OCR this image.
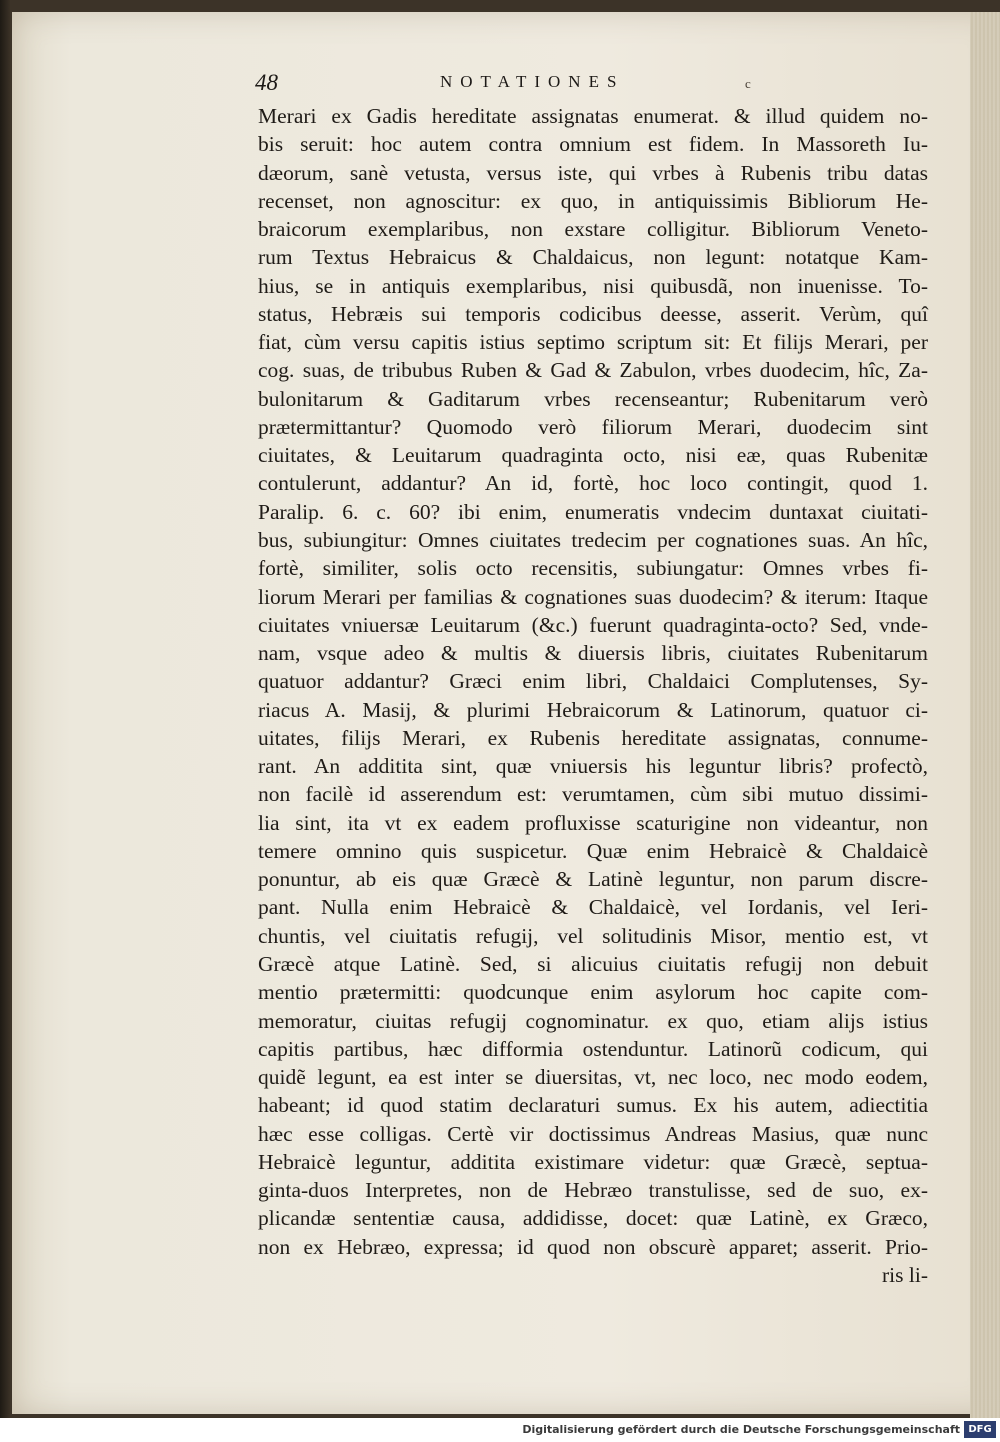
48	NOTATIONES	c
Merari ex Gadis hereditate assignatas enumerat. & illud quidem no-
bis seruit: hoc autem contra omnium est fidem. In Massoreth Iu-
dæorum, sanè vetusta, versus iste, qui vrbes à Rubenis tribu datas
recenset, non agnoscitur: ex quo, in antiquissimis Bibliorum He-
braicorum exemplaribus, non exstare colligitur. Bibliorum Veneto-
rum Textus Hebraicus & Chaldaicus, non legunt: notatque Kam-
hius, se in antiquis exemplaribus, nisi quibusdã, non inuenisse. To-
status, Hebræis sui temporis codicibus deesse, asserit. Verùm, quî
fiat, cùm versu capitis istius septimo scriptum sit: Et filijs Merari, per
cog. suas, de tribubus Ruben & Gad & Zabulon, vrbes duodecim, hîc, Za-
bulonitarum & Gaditarum vrbes recenseantur; Rubenitarum verò
prætermittantur? Quomodo verò filiorum Merari, duodecim sint
ciuitates, & Leuitarum quadraginta octo, nisi eæ, quas Rubenitæ
contulerunt, addantur? An id, fortè, hoc loco contingit, quod 1.
Paralip. 6. c. 60? ibi enim, enumeratis vndecim duntaxat ciuitati-
bus, subiungitur: Omnes ciuitates tredecim per cognationes suas. An hîc,
fortè, similiter, solis octo recensitis, subiungatur: Omnes vrbes fi-
liorum Merari per familias & cognationes suas duodecim? & iterum: Itaque
ciuitates vniuersæ Leuitarum (&c.) fuerunt quadraginta-octo? Sed, vnde-
nam, vsque adeo & multis & diuersis libris, ciuitates Rubenitarum
quatuor addantur? Græci enim libri, Chaldaici Complutenses, Sy-
riacus A. Masij, & plurimi Hebraicorum & Latinorum, quatuor ci-
uitates, filijs Merari, ex Rubenis hereditate assignatas, connume-
rant. An additita sint, quæ vniuersis his leguntur libris? profectò,
non facilè id asserendum est: verumtamen, cùm sibi mutuo dissimi-
lia sint, ita vt ex eadem profluxisse scaturigine non videantur, non
temere omnino quis suspicetur. Quæ enim Hebraicè & Chaldaicè
ponuntur, ab eis quæ Græcè & Latinè leguntur, non parum discre-
pant. Nulla enim Hebraicè & Chaldaicè, vel Iordanis, vel Ieri-
chuntis, vel ciuitatis refugij, vel solitudinis Misor, mentio est, vt
Græcè atque Latinè. Sed, si alicuius ciuitatis refugij non debuit
mentio prætermitti: quodcunque enim asylorum hoc capite com-
memoratur, ciuitas refugij cognominatur. ex quo, etiam alijs istius
capitis partibus, hæc difformia ostenduntur. Latinorũ codicum, qui
quidẽ legunt, ea est inter se diuersitas, vt, nec loco, nec modo eodem,
habeant; id quod statim declaraturi sumus. Ex his autem, adiectitia
hæc esse colligas. Certè vir doctissimus Andreas Masius, quæ nunc
Hebraicè leguntur, additita existimare videtur: quæ Græcè, septua-
ginta-duos Interpretes, non de Hebræo transtulisse, sed de suo, ex-
plicandæ sententiæ causa, addidisse, docet: quæ Latinè, ex Græco,
non ex Hebræo, expressa; id quod non obscurè apparet; asserit. Prio-
ris li-
Digitalisierung gefördert durch die Deutsche Forschungsgemeinschaft DFG
